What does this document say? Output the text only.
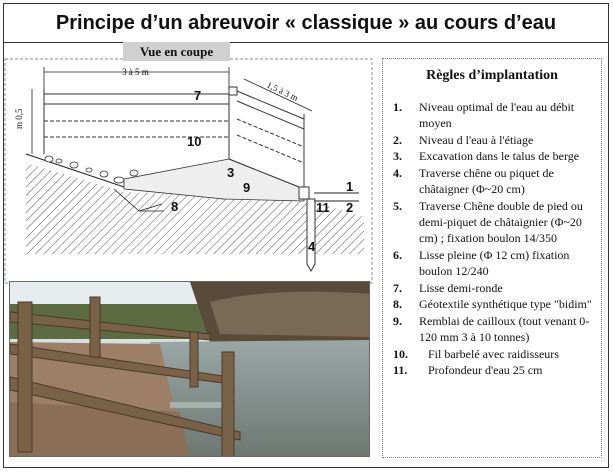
Principe d’un abreuvoir « classique » au cours d’eau
3 à 5 m
1,5 à 3 m
m 0,5
7
10
3
9
8
1
2
11
4
Vue en coupe
Règles d’implantation
1.	Niveau optimal de l'eau au débit moyen
2.	Niveau d l'eau à l'étiage
3.	Excavation dans le talus de berge
4.	Traverse chêne ou piquet de châtaigner (Φ~20 cm)
5.	Traverse Chêne double de pied ou demi-piquet de châtaignier (Φ~20 cm) ; fixation boulon 14/350
6.	Lisse pleine (Φ 12 cm) fixation boulon 12/240
7.	Lisse demi-ronde
8.	Géotextile synthétique type "bidim"
9.	Remblai de cailloux (tout venant 0-120 mm 3 à 10 tonnes)
10. Fil barbelé avec raidisseurs
11. Profondeur d'eau 25 cm
